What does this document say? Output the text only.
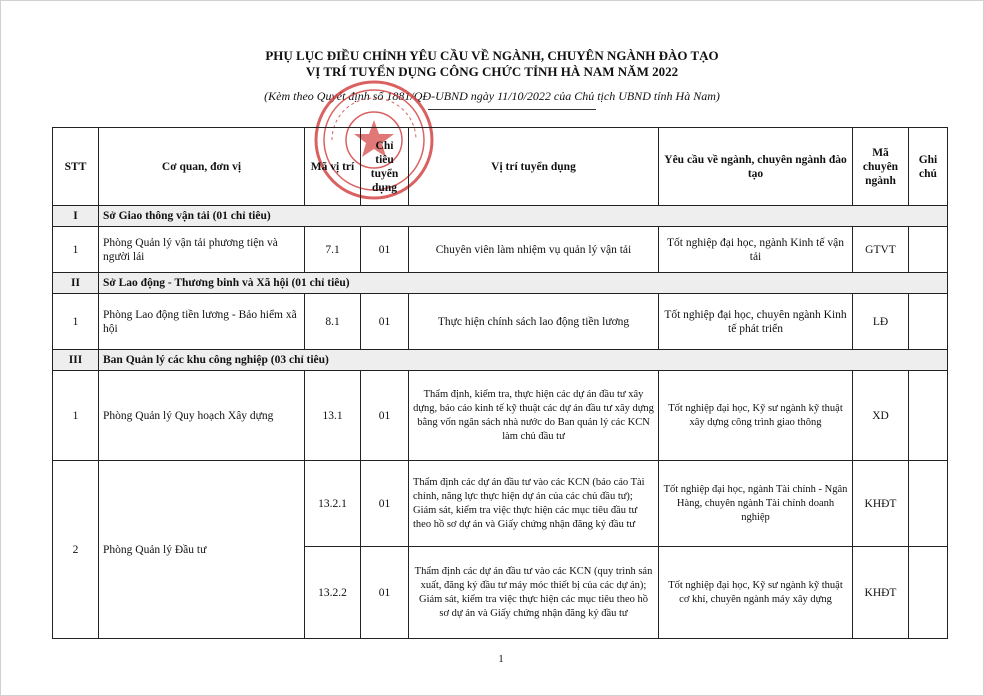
PHỤ LỤC ĐIỀU CHỈNH YÊU CẦU VỀ NGÀNH, CHUYÊN NGÀNH ĐÀO TẠO
VỊ TRÍ TUYỂN DỤNG CÔNG CHỨC TỈNH HÀ NAM NĂM 2022
(Kèm theo Quyết định số 1881/QĐ-UBND ngày 11/10/2022 của Chủ tịch UBND tỉnh Hà Nam)
STT	Cơ quan, đơn vị	Mã vị trí	Chỉ tiêu tuyển dụng	Vị trí tuyển dụng	Yêu cầu về ngành, chuyên ngành đào tạo	Mã chuyên ngành	Ghi chú
I	Sở Giao thông vận tải (01 chỉ tiêu)						
1	Phòng Quản lý vận tải phương tiện và người lái	7.1	01	Chuyên viên làm nhiệm vụ quản lý vận tải	Tốt nghiệp đại học, ngành Kinh tế vận tải	GTVT	
II	Sở Lao động - Thương binh và Xã hội (01 chỉ tiêu)						
1	Phòng Lao động tiền lương - Bảo hiểm xã hội	8.1	01	Thực hiện chính sách lao động tiền lương	Tốt nghiệp đại học, chuyên ngành Kinh tế phát triển	LĐ	
III	Ban Quản lý các khu công nghiệp (03 chỉ tiêu)						
1	Phòng Quản lý Quy hoạch Xây dựng	13.1	01	Thẩm định, kiểm tra, thực hiện các dự án đầu tư xây dựng, báo cáo kinh tế kỹ thuật các dự án đầu tư xây dựng bằng vốn ngân sách nhà nước do Ban quản lý các KCN làm chủ đầu tư	Tốt nghiệp đại học, Kỹ sư ngành kỹ thuật xây dựng công trình giao thông	XD	
2	Phòng Quản lý Đầu tư	13.2.1	01	Thẩm định các dự án đầu tư vào các KCN (báo cáo Tài chính, năng lực thực hiện dự án của các chủ đầu tư); Giám sát, kiểm tra việc thực hiện các mục tiêu đầu tư theo hồ sơ dự án và Giấy chứng nhận đăng ký đầu tư	Tốt nghiệp đại học, ngành Tài chính - Ngân Hàng, chuyên ngành Tài chính doanh nghiệp	KHĐT	
		13.2.2	01	Thẩm định các dự án đầu tư vào các KCN (quy trình sản xuất, đăng ký đầu tư máy móc thiết bị của các dự án); Giám sát, kiểm tra việc thực hiện các mục tiêu theo hồ sơ dự án và Giấy chứng nhận đăng ký đầu tư	Tốt nghiệp đại học, Kỹ sư ngành kỹ thuật cơ khí, chuyên ngành máy xây dựng	KHĐT	
1
